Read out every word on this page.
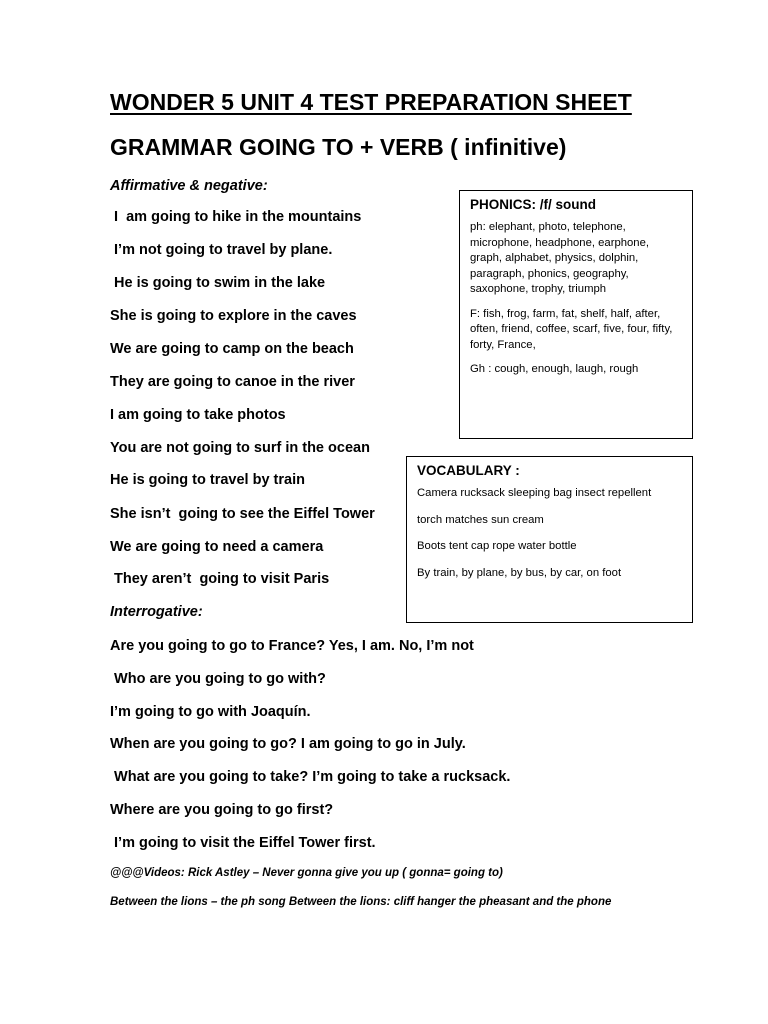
WONDER 5 UNIT 4 TEST PREPARATION SHEET
GRAMMAR GOING TO + VERB ( infinitive)
Affirmative & negative:
I  am going to hike in the mountains
I’m not going to travel by plane.
He is going to swim in the lake
She is going to explore in the caves
We are going to camp on the beach
They are going to canoe in the river
I am going to take photos
You are not going to surf in the ocean
He is going to travel by train
She isn’t  going to see the Eiffel Tower
We are going to need a camera
They aren’t  going to visit Paris
Interrogative:
Are you going to go to France? Yes, I am. No, I’m not
Who are you going to go with?
I’m going to go with Joaquín.
When are you going to go? I am going to go in July.
What are you going to take? I’m going to take a rucksack.
Where are you going to go first?
I’m going to visit the Eiffel Tower first.
@@@Videos: Rick Astley – Never gonna give you up ( gonna= going to)
Between the lions – the ph song Between the lions: cliff hanger the pheasant and the phone
PHONICS: /f/ sound

ph: elephant, photo, telephone, microphone, headphone, earphone, graph, alphabet, physics, dolphin, paragraph, phonics, geography, saxophone, trophy, triumph

F: fish, frog, farm, fat, shelf, half, after, often, friend, coffee, scarf, five, four, fifty, forty, France,

Gh : cough, enough, laugh, rough

VOCABULARY :

Camera rucksack sleeping bag insect repellent

torch matches sun cream

Boots tent cap rope water bottle

By train, by plane, by bus, by car, on foot
